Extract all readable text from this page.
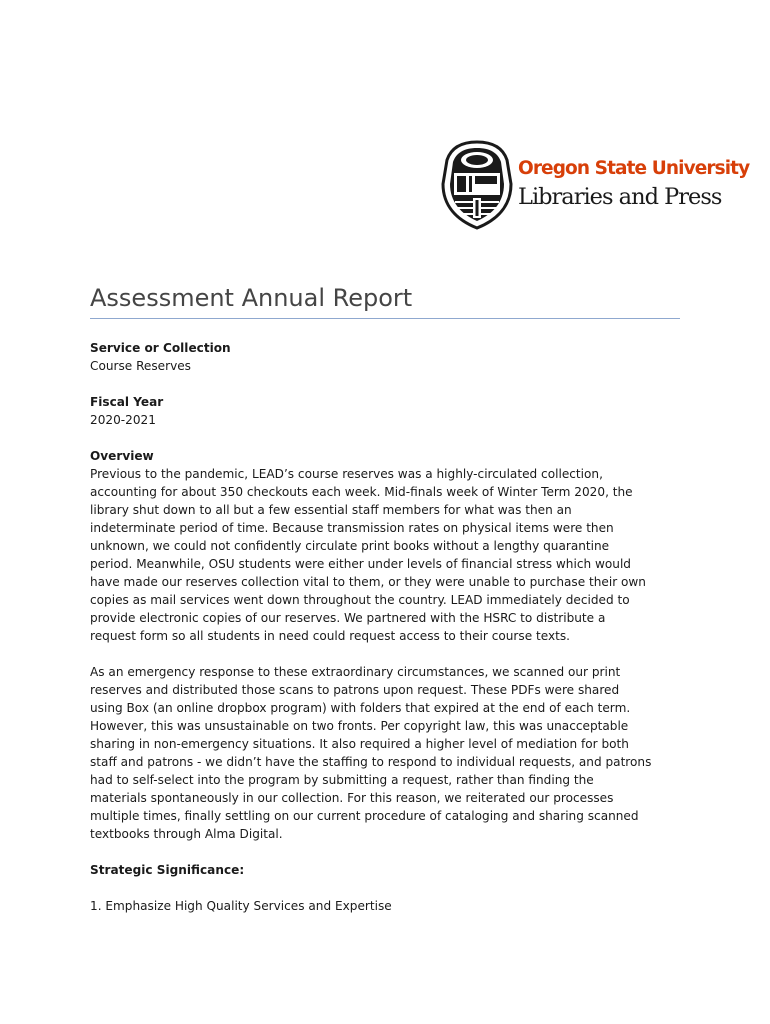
Oregon State University
Libraries and Press
Assessment Annual Report

Service or Collection

Course Reserves

Fiscal Year

2020-2021

Overview

Previous to the pandemic, LEAD’s course reserves was a highly-circulated collection,

accounting for about 350 checkouts each week. Mid-finals week of Winter Term 2020, the

library shut down to all but a few essential staff members for what was then an

indeterminate period of time. Because transmission rates on physical items were then

unknown, we could not confidently circulate print books without a lengthy quarantine

period. Meanwhile, OSU students were either under levels of financial stress which would

have made our reserves collection vital to them, or they were unable to purchase their own

copies as mail services went down throughout the country. LEAD immediately decided to

provide electronic copies of our reserves. We partnered with the HSRC to distribute a

request form so all students in need could request access to their course texts.

As an emergency response to these extraordinary circumstances, we scanned our print

reserves and distributed those scans to patrons upon request. These PDFs were shared

using Box (an online dropbox program) with folders that expired at the end of each term.

However, this was unsustainable on two fronts. Per copyright law, this was unacceptable

sharing in non-emergency situations. It also required a higher level of mediation for both

staff and patrons - we didn’t have the staffing to respond to individual requests, and patrons

had to self-select into the program by submitting a request, rather than finding the

materials spontaneously in our collection. For this reason, we reiterated our processes

multiple times, finally settling on our current procedure of cataloging and sharing scanned

textbooks through Alma Digital.

Strategic Significance:

1. Emphasize High Quality Services and Expertise
